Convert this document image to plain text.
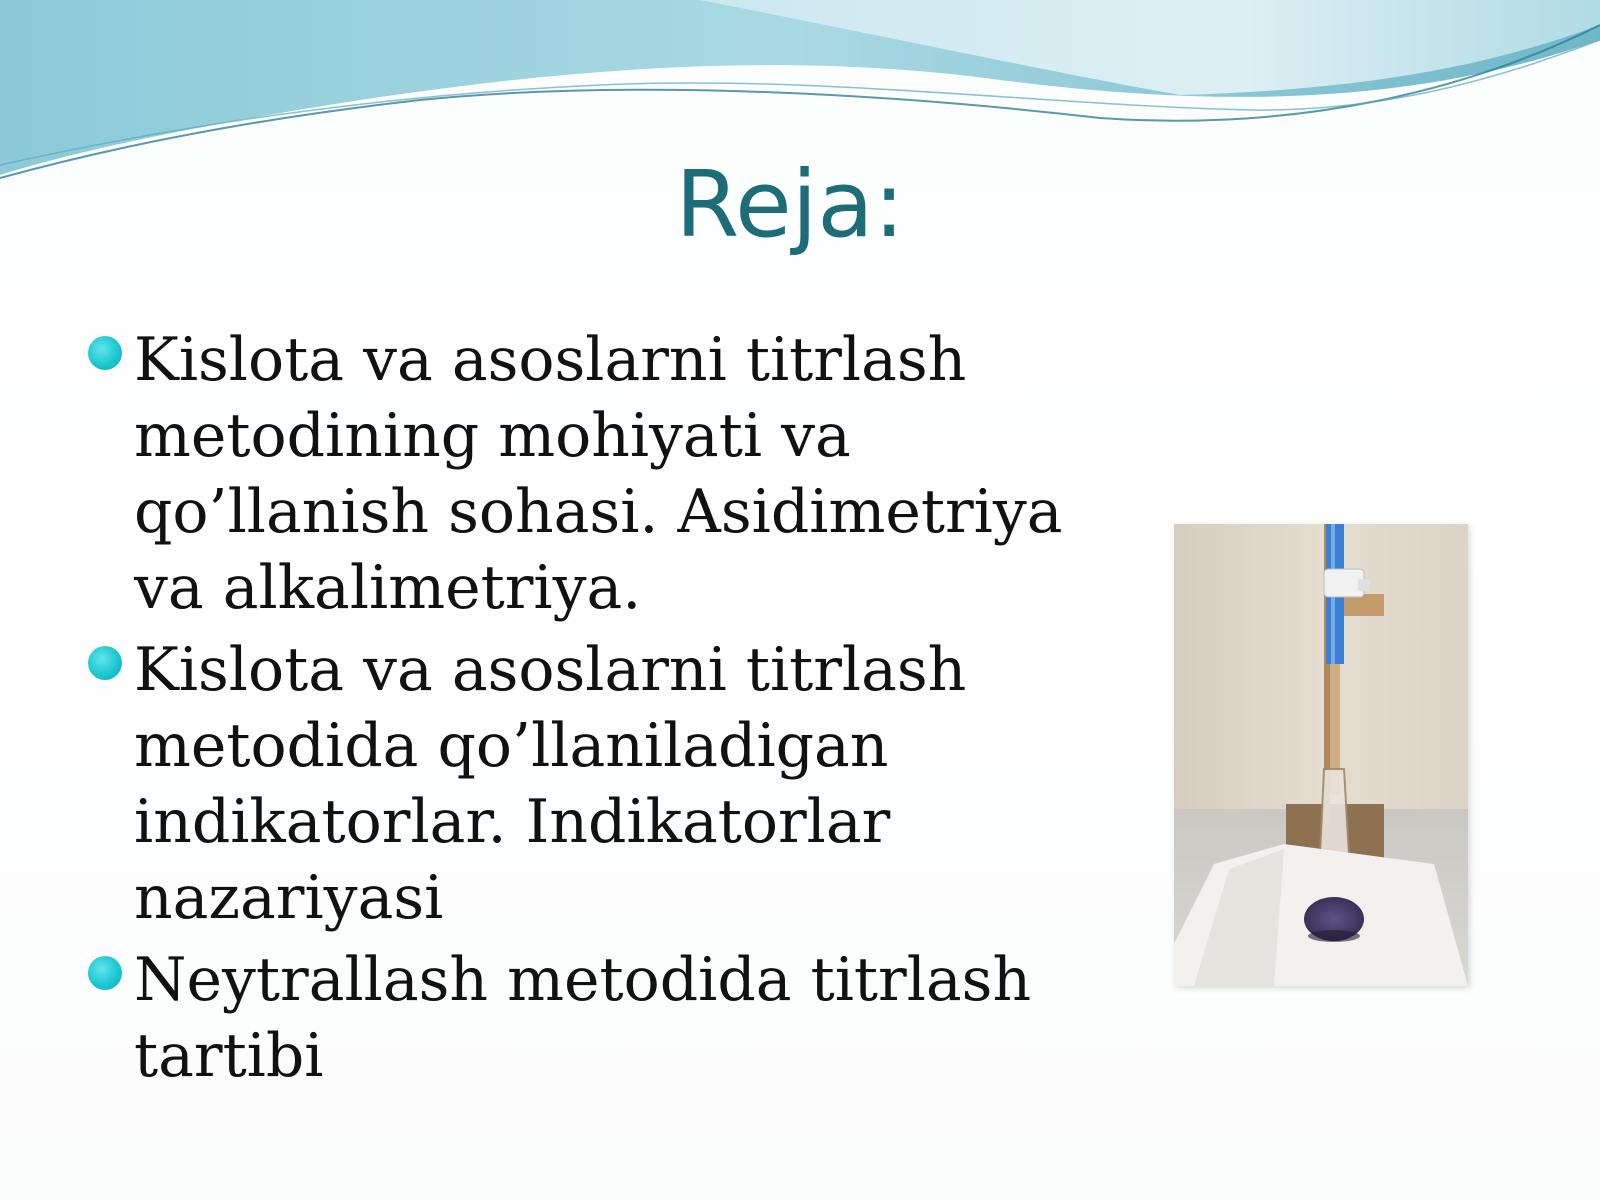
Reja:
Kislota va asoslarni titrlash
metodining mohiyati va
qo’llanish sohasi. Asidimetriya
va alkalimetriya.
Kislota va asoslarni titrlash
metodida qo’llaniladigan
indikatorlar. Indikatorlar
nazariyasi
Neytrallash metodida titrlash
tartibi
